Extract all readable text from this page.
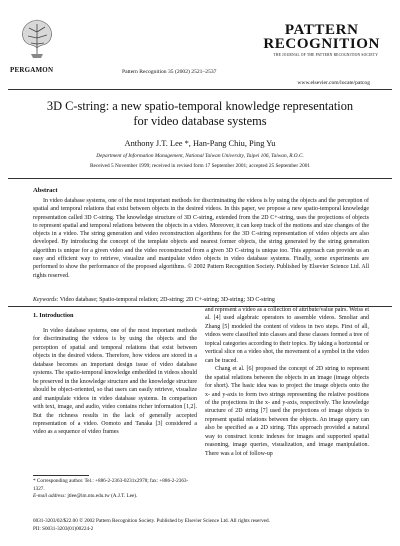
PERGAMON	Pattern Recognition 35 (2002) 2521–2537
PATTERN
RECOGNITION
THE JOURNAL OF THE PATTERN RECOGNITION SOCIETY
www.elsevier.com/locate/patcog
3D C-string: a new spatio-temporal knowledge representation
for video database systems
Anthony J.T. Lee *, Han-Pang Chiu, Ping Yu
Department of Information Management, National Taiwan University, Taipei 106, Taiwan, R.O.C.
Received 5 November 1999; received in revised form 17 September 2001; accepted 25 September 2001
Abstract
In video database systems, one of the most important methods for discriminating the videos is by using the objects and the perception of spatial and temporal relations that exist between objects in the desired videos. In this paper, we propose a new spatio-temporal knowledge representation called 3D C-string. The knowledge structure of 3D C-string, extended from the 2D C+-string, uses the projections of objects to represent spatial and temporal relations between the objects in a video. Moreover, it can keep track of the motions and size changes of the objects in a video. The string generation and video reconstruction algorithms for the 3D C-string representation of video objects are also developed. By introducing the concept of the template objects and nearest former objects, the string generated by the string generation algorithm is unique for a given video and the video reconstructed from a given 3D C-string is unique too. This approach can provide us an easy and efficient way to retrieve, visualize and manipulate video objects in video database systems. Finally, some experiments are performed to show the performance of the proposed algorithms. © 2002 Pattern Recognition Society. Published by Elsevier Science Ltd. All rights reserved.
Keywords: Video database; Spatio-temporal relation; 2D-string; 2D C+-string; 3D-string; 3D C-string
1. Introduction

In video database systems, one of the most important methods for discriminating the videos is by using the objects and the perception of spatial and temporal relations that exist between objects in the desired videos. Therefore, how videos are stored in a database becomes an important design issue of video database systems. The spatio-temporal knowledge embedded in videos should be preserved in the knowledge structure and the knowledge structure should be object-oriented, so that users can easily retrieve, visualize and manipulate videos in video database systems. In comparison with text, image, and audio, video contains richer information [1,2]. But the richness results in the lack of generally accepted representation of a video. Oomoto and Tanaka [3] considered a video as a sequence of video frames

and represent a video as a collection of attribute/value pairs. Weiss et al. [4] used algebraic operators to assemble videos. Smoliar and Zhang [5] modeled the content of videos in two steps. First of all, videos were classified into classes and these classes formed a tree of topical categories according to their topics. By taking a horizontal or vertical slice on a video shot, the movement of a symbol in the video can be traced.

Chang et al. [6] proposed the concept of 2D string to represent the spatial relations between the objects in an image (image objects for short). The basic idea was to project the image objects onto the x- and y-axis to form two strings representing the relative positions of the projections in the x- and y-axis, respectively. The knowledge structure of 2D string [7] used the projections of image objects to represent spatial relations between the objects. An image query can also be specified as a 2D string. This approach provided a natural way to construct iconic indexes for images and supported spatial reasoning, image queries, visualization, and image manipulation. There was a lot of follow-up

* Corresponding author. Tel.: +886-2-2363-0231x2978; fax: +886-2-2363-1327.
E-mail address: jtlee@im.ntu.edu.tw (A.J.T. Lee).
0031-3203/02/$22.00 © 2002 Pattern Recognition Society. Published by Elsevier Science Ltd. All rights reserved.
PII: S0031-3203(01)00224-2
